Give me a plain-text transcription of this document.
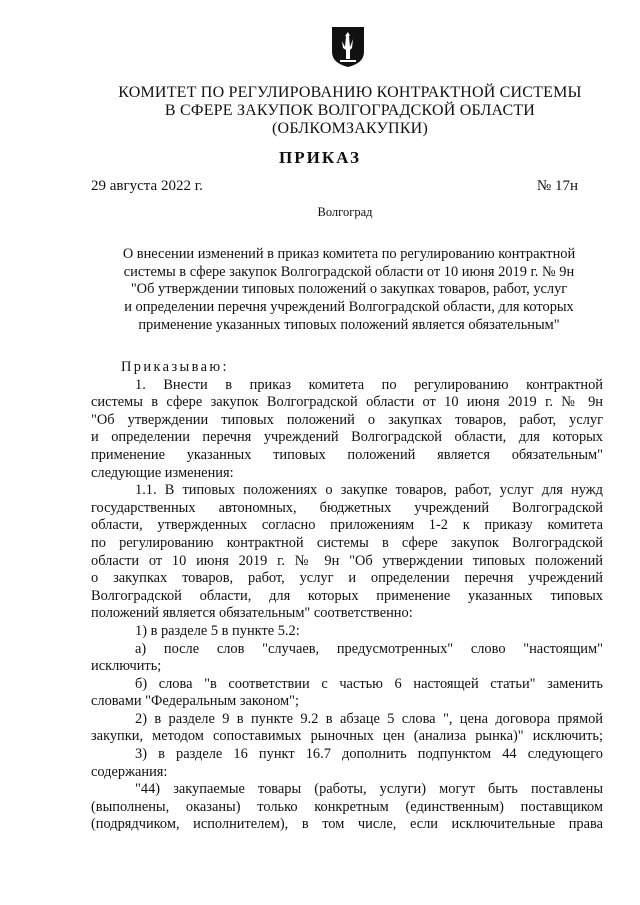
КОМИТЕТ ПО РЕГУЛИРОВАНИЮ КОНТРАКТНОЙ СИСТЕМЫ
В СФЕРЕ ЗАКУПОК ВОЛГОГРАДСКОЙ ОБЛАСТИ
(ОБЛКОМЗАКУПКИ)
ПРИКАЗ
29 августа 2022 г.	№ 17н
Волгоград
О внесении изменений в приказ комитета по регулированию контрактной
системы в сфере закупок Волгоградской области от 10 июня 2019 г. № 9н
"Об утверждении типовых положений о закупках товаров, работ, услуг
и определении перечня учреждений Волгоградской области, для которых
применение указанных типовых положений является обязательным"
Приказываю:
1. Внести в приказ комитета по регулированию контрактной
системы в сфере закупок Волгоградской области от 10 июня 2019 г. № 9н
"Об утверждении типовых положений о закупках товаров, работ, услуг
и определении перечня учреждений Волгоградской области, для которых
применение указанных типовых положений является обязательным"
следующие изменения:
1.1. В типовых положениях о закупке товаров, работ, услуг для нужд
государственных автономных, бюджетных учреждений Волгоградской
области, утвержденных согласно приложениям 1-2 к приказу комитета
по регулированию контрактной системы в сфере закупок Волгоградской
области от 10 июня 2019 г. № 9н "Об утверждении типовых положений
о закупках товаров, работ, услуг и определении перечня учреждений
Волгоградской области, для которых применение указанных типовых
положений является обязательным" соответственно:
1) в разделе 5 в пункте 5.2:
а) после слов "случаев, предусмотренных" слово "настоящим"
исключить;
б) слова "в соответствии с частью 6 настоящей статьи" заменить
словами "Федеральным законом";
2) в разделе 9 в пункте 9.2 в абзаце 5 слова ", цена договора прямой
закупки, методом сопоставимых рыночных цен (анализа рынка)" исключить;
3) в разделе 16 пункт 16.7 дополнить подпунктом 44 следующего
содержания:
"44) закупаемые товары (работы, услуги) могут быть поставлены
(выполнены, оказаны) только конкретным (единственным) поставщиком
(подрядчиком, исполнителем), в том числе, если исключительные права
